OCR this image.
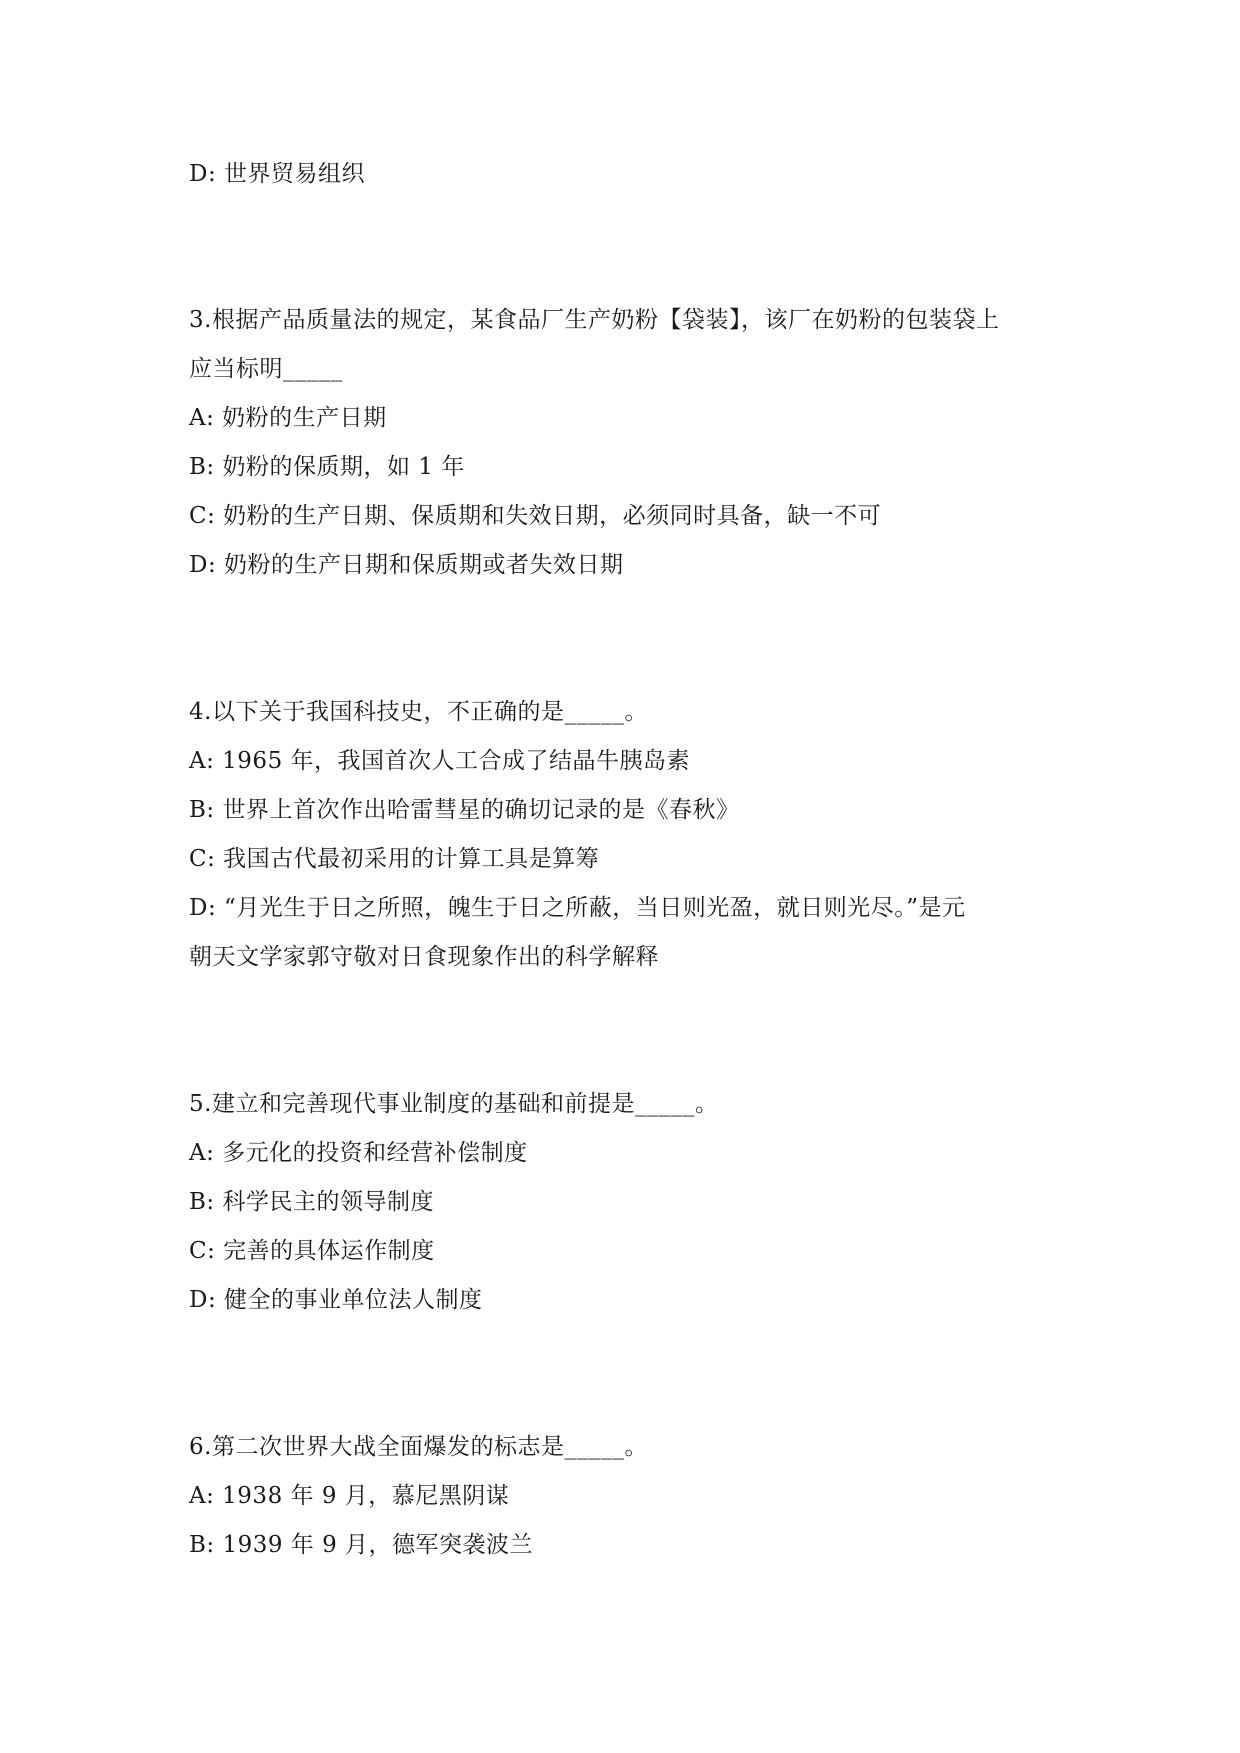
D: 世界贸易组织
3.根据产品质量法的规定，某食品厂生产奶粉【袋装】，该厂在奶粉的包装袋上
应当标明_____
A: 奶粉的生产日期
B: 奶粉的保质期，如 1 年
C: 奶粉的生产日期、保质期和失效日期，必须同时具备，缺一不可
D: 奶粉的生产日期和保质期或者失效日期
4.以下关于我国科技史，不正确的是_____。
A: 1965 年，我国首次人工合成了结晶牛胰岛素
B: 世界上首次作出哈雷彗星的确切记录的是《春秋》
C: 我国古代最初采用的计算工具是算筹
D: “月光生于日之所照，魄生于日之所蔽，当日则光盈，就日则光尽。”是元
朝天文学家郭守敬对日食现象作出的科学解释
5.建立和完善现代事业制度的基础和前提是_____。
A: 多元化的投资和经营补偿制度
B: 科学民主的领导制度
C: 完善的具体运作制度
D: 健全的事业单位法人制度
6.第二次世界大战全面爆发的标志是_____。
A: 1938 年 9 月，慕尼黑阴谋
B: 1939 年 9 月，德军突袭波兰
